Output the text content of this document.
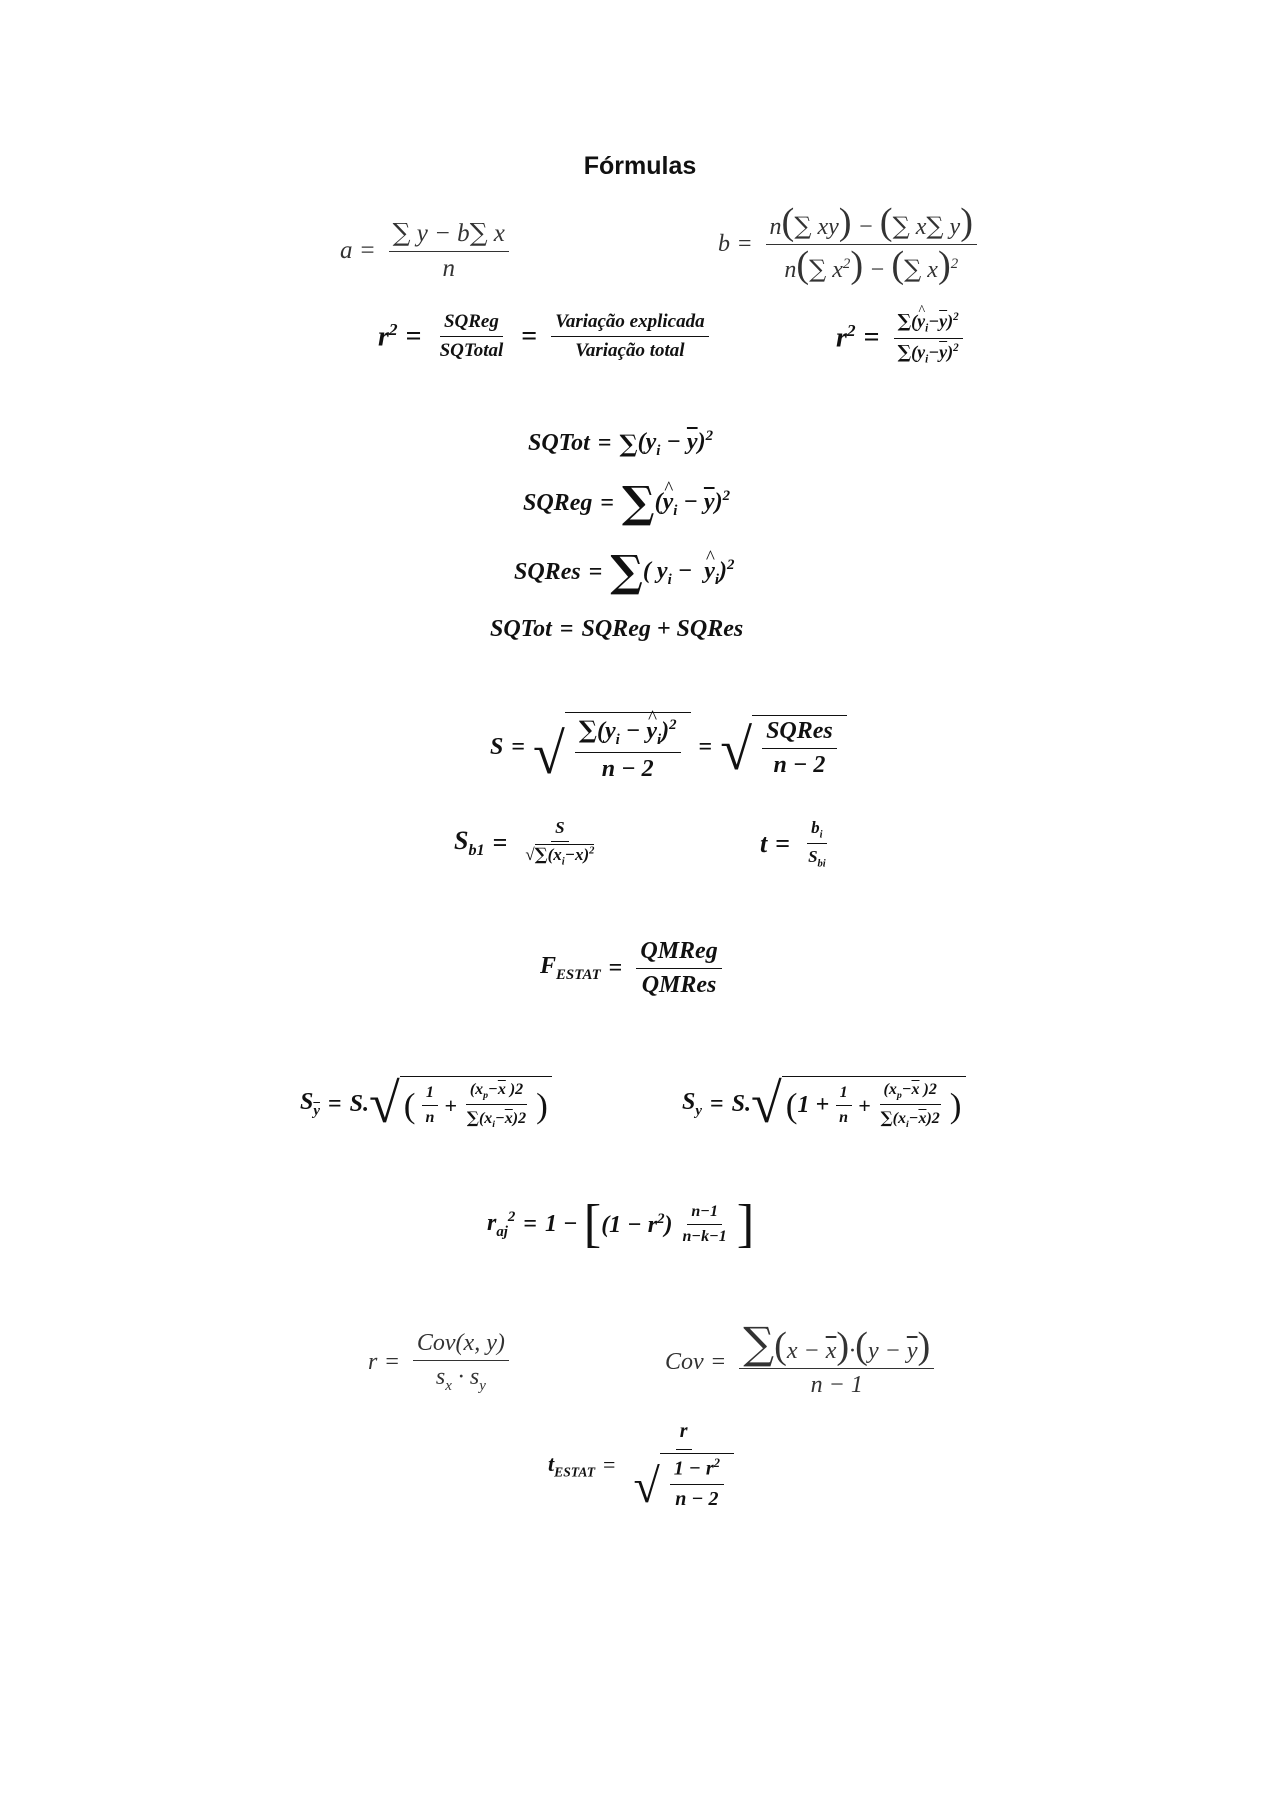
Fórmulas
$a = \frac{\sum y - b\sum x}{n}$	$b = \frac{n(\sum xy) - (\sum x\sum y)}{n(\sum x^2) - (\sum x)^2}$
$r^2 = \frac{\text{SQReg}}{\text{SQTotal}} = \frac{\text{Variação explicada}}{\text{Variação total}}$	$r^2 = \frac{\sum(\^{} y_i-\overline{y})^2}{\sum(y_i-\overline{y})^2}$
SQTot = ∑ $(y_i - \overline{y})^2$
SQReg = ∑ (^ $y_i - \overline{y})^2$
SQRes = ∑ ( $y_i$ −  ^ $y_i)^2$
SQTot = SQReg + SQRes
S = √ $\frac{\sum(y_i - \^{} y_i)^2}{n - 2}$ = √ $\frac{\text{SQRes}}{n - 2}$
$S_{b1} = \frac{S}{√\sum(x_i-\overline{x})^2}$	$t = \frac{b_i}{S_{bi}}$
$F_{ESTAT} = \frac{\text{QMReg}}{\text{QMRes}}$
$S_{\overline{y}} = S$. √ ( $\frac{1}{n} + \frac{(x_p-\overline{x} )2}{\sum(x_i-\overline{x})2}$ )	$S_y = S$. √ ( $1 + \frac{1}{n} + \frac{(x_p-\overline{x} )2}{\sum(x_i-\overline{x})2}$ )
$r_{aj}^2 = 1$ − [ $(1 - r^2) \frac{n-1}{n-k-1}$ ]
$r = \frac{\text{Cov(x, y)}}{s_x \cdot s_y}$	Cov = $\frac{\sum(x - \overline{x})\cdot(y - \overline{y})}{n - 1}$
$t_{ESTAT} = \frac{r}{√ \frac{1 - r^2}{n - 2}}$
